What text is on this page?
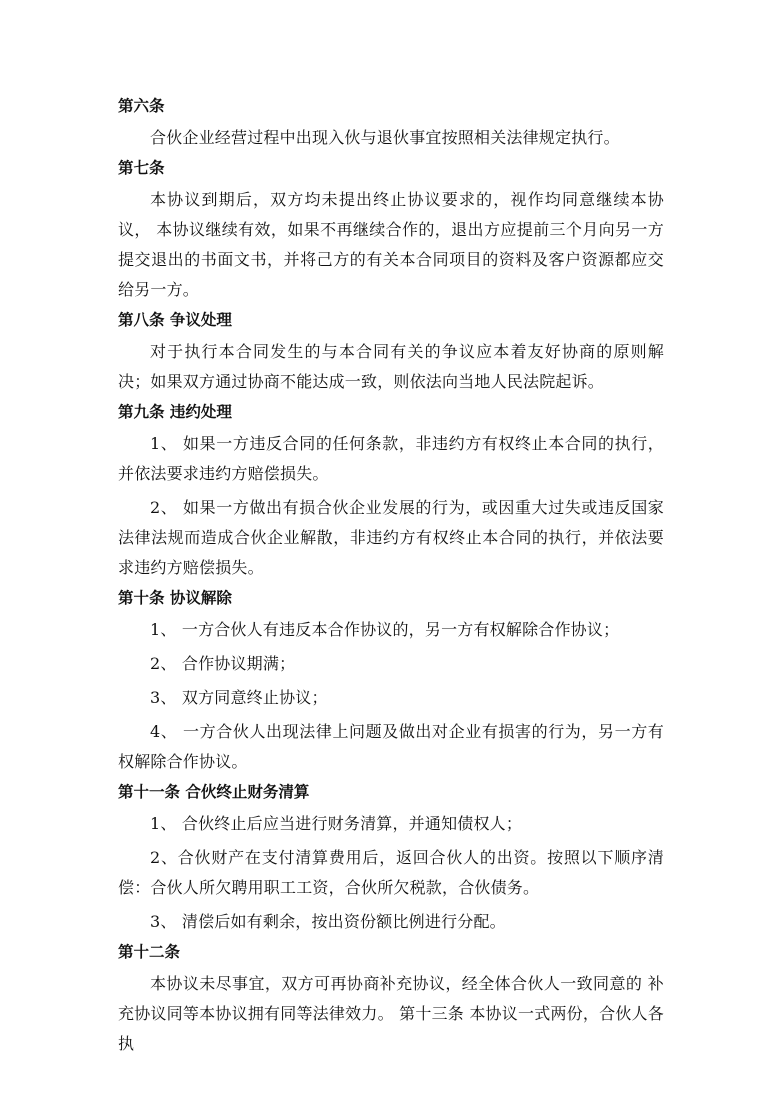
第六条
合伙企业经营过程中出现入伙与退伙事宜按照相关法律规定执行。
第七条
本协议到期后，双方均未提出终止协议要求的，视作均同意继续本协议， 本协议继续有效，如果不再继续合作的，退出方应提前三个月向另一方提交退出的书面文书，并将己方的有关本合同项目的资料及客户资源都应交给另一方。
第八条 争议处理
对于执行本合同发生的与本合同有关的争议应本着友好协商的原则解决；如果双方通过协商不能达成一致，则依法向当地人民法院起诉。
第九条 违约处理
1、 如果一方违反合同的任何条款，非违约方有权终止本合同的执行， 并依法要求违约方赔偿损失。
2、 如果一方做出有损合伙企业发展的行为，或因重大过失或违反国家 法律法规而造成合伙企业解散，非违约方有权终止本合同的执行，并依法要求违约方赔偿损失。
第十条 协议解除
1、 一方合伙人有违反本合作协议的，另一方有权解除合作协议；
2、 合作协议期满；
3、 双方同意终止协议；
4、 一方合伙人出现法律上问题及做出对企业有损害的行为，另一方有 权解除合作协议。
第十一条 合伙终止财务清算
1、 合伙终止后应当进行财务清算，并通知债权人；
2、合伙财产在支付清算费用后，返回合伙人的出资。按照以下顺序清 偿：合伙人所欠聘用职工工资，合伙所欠税款，合伙债务。
3、 清偿后如有剩余，按出资份额比例进行分配。
第十二条
本协议未尽事宜，双方可再协商补充协议，经全体合伙人一致同意的 补充协议同等本协议拥有同等法律效力。 第十三条 本协议一式两份，合伙人各执
